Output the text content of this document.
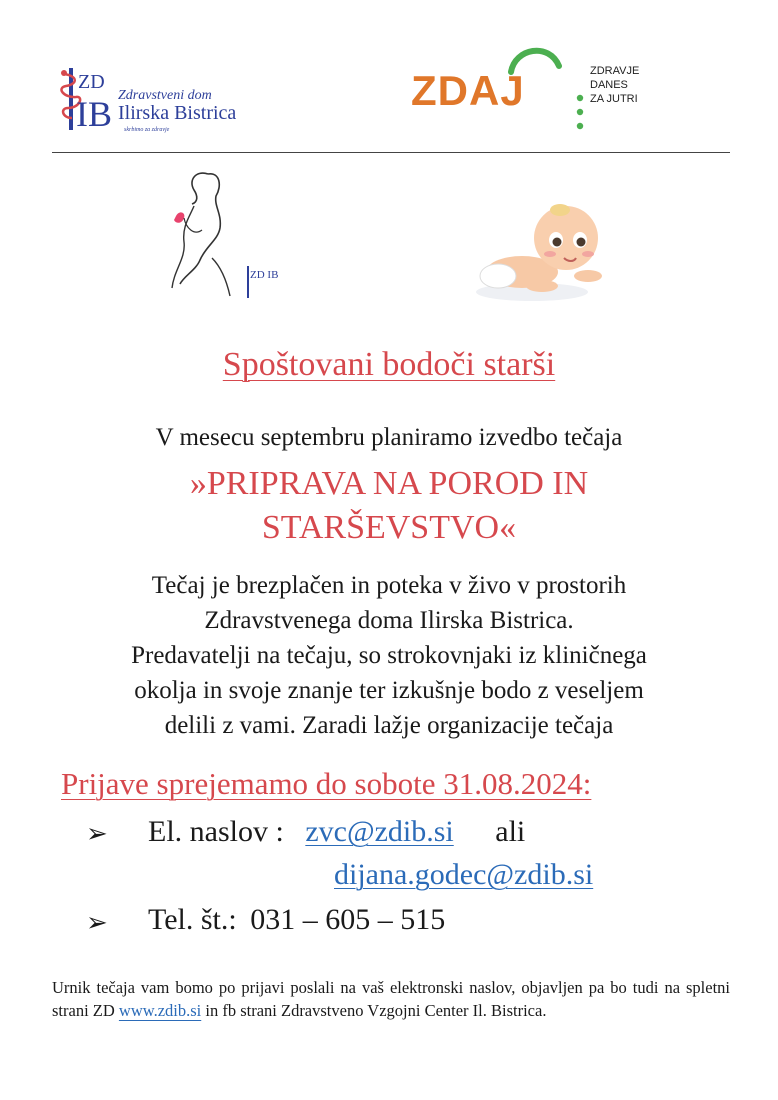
ZD
IB Zdravstveni dom
Ilirska Bistrica
skrbimo za zdravje
ZDAJ	ZDRAVJE
DANES
ZA JUTRI
ZD IB
Spoštovani bodoči starši
V mesecu septembru planiramo izvedbo tečaja
»PRIPRAVA NA POROD IN
STARŠEVSTVO«
Tečaj je brezplačen in poteka v živo v prostorih
Zdravstvenega doma Ilirska Bistrica.
Predavatelji na tečaju, so strokovnjaki iz kliničnega
okolja in svoje znanje ter izkušnje bodo z veseljem
delili z vami. Zaradi lažje organizacije tečaja
Prijave sprejemamo do sobote 31.08.2024:
➢ El. naslov : zvc@zdib.si ali
dijana.godec@zdib.si
➢ Tel. št.: 031 – 605 – 515
Urnik tečaja vam bomo po prijavi poslali na vaš elektronski naslov, objavljen pa bo tudi na spletni strani ZD www.zdib.si in fb strani Zdravstveno Vzgojni Center Il. Bistrica.
